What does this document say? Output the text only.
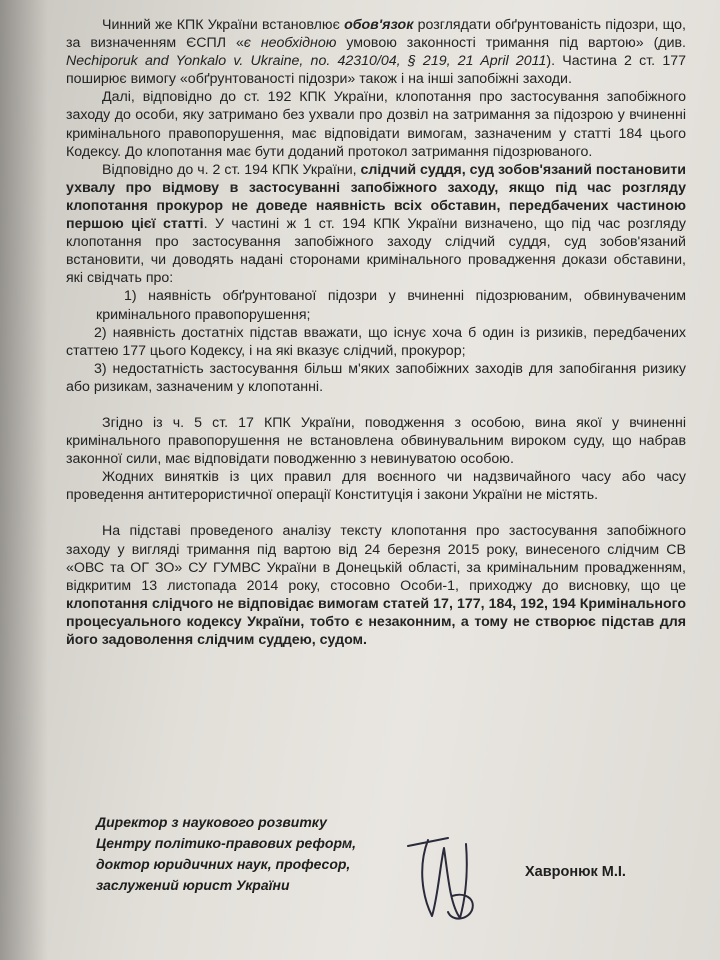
Чинний же КПК України встановлює обов'язок розглядати обґрунтованість підозри, що, за визначенням ЄСПЛ «є необхідною умовою законності тримання під вартою» (див. Nechiporuk and Yonkalo v. Ukraine, no. 42310/04, § 219, 21 April 2011). Частина 2 ст. 177 поширює вимогу «обґрунтованості підозри» також і на інші запобіжні заходи.

Далі, відповідно до ст. 192 КПК України, клопотання про застосування запобіжного заходу до особи, яку затримано без ухвали про дозвіл на затримання за підозрою у вчиненні кримінального правопорушення, має відповідати вимогам, зазначеним у статті 184 цього Кодексу. До клопотання має бути доданий протокол затримання підозрюваного.

Відповідно до ч. 2 ст. 194 КПК України, слідчий суддя, суд зобов'язаний постановити ухвалу про відмову в застосуванні запобіжного заходу, якщо під час розгляду клопотання прокурор не доведе наявність всіх обставин, передбачених частиною першою цієї статті. У частині ж 1 ст. 194 КПК України визначено, що під час розгляду клопотання про застосування запобіжного заходу слідчий суддя, суд зобов'язаний встановити, чи доводять надані сторонами кримінального провадження докази обставини, які свідчать про:

1) наявність обґрунтованої підозри у вчиненні підозрюваним, обвинуваченим кримінального правопорушення;

2) наявність достатніх підстав вважати, що існує хоча б один із ризиків, передбачених статтею 177 цього Кодексу, і на які вказує слідчий, прокурор;

3) недостатність застосування більш м'яких запобіжних заходів для запобігання ризику або ризикам, зазначеним у клопотанні.

Згідно із ч. 5 ст. 17 КПК України, поводження з особою, вина якої у вчиненні кримінального правопорушення не встановлена обвинувальним вироком суду, що набрав законної сили, має відповідати поводженню з невинуватою особою.

Жодних винятків із цих правил для воєнного чи надзвичайного часу або часу проведення антитерористичної операції Конституція і закони України не містять.

На підставі проведеного аналізу тексту клопотання про застосування запобіжного заходу у вигляді тримання під вартою від 24 березня 2015 року, винесеного слідчим СВ «ОВС та ОГ ЗО» СУ ГУМВС України в Донецькій області, за кримінальним провадженням, відкритим 13 листопада 2014 року, стосовно Особи-1, приходжу до висновку, що це клопотання слідчого не відповідає вимогам статей 17, 177, 184, 192, 194 Кримінального процесуального кодексу України, тобто є незаконним, а тому не створює підстав для його задоволення слідчим суддею, судом.

Директор з наукового розвитку
Центру політико-правових реформ,
доктор юридичних наук, професор,
заслужений юрист України
Хавронюк М.І.
